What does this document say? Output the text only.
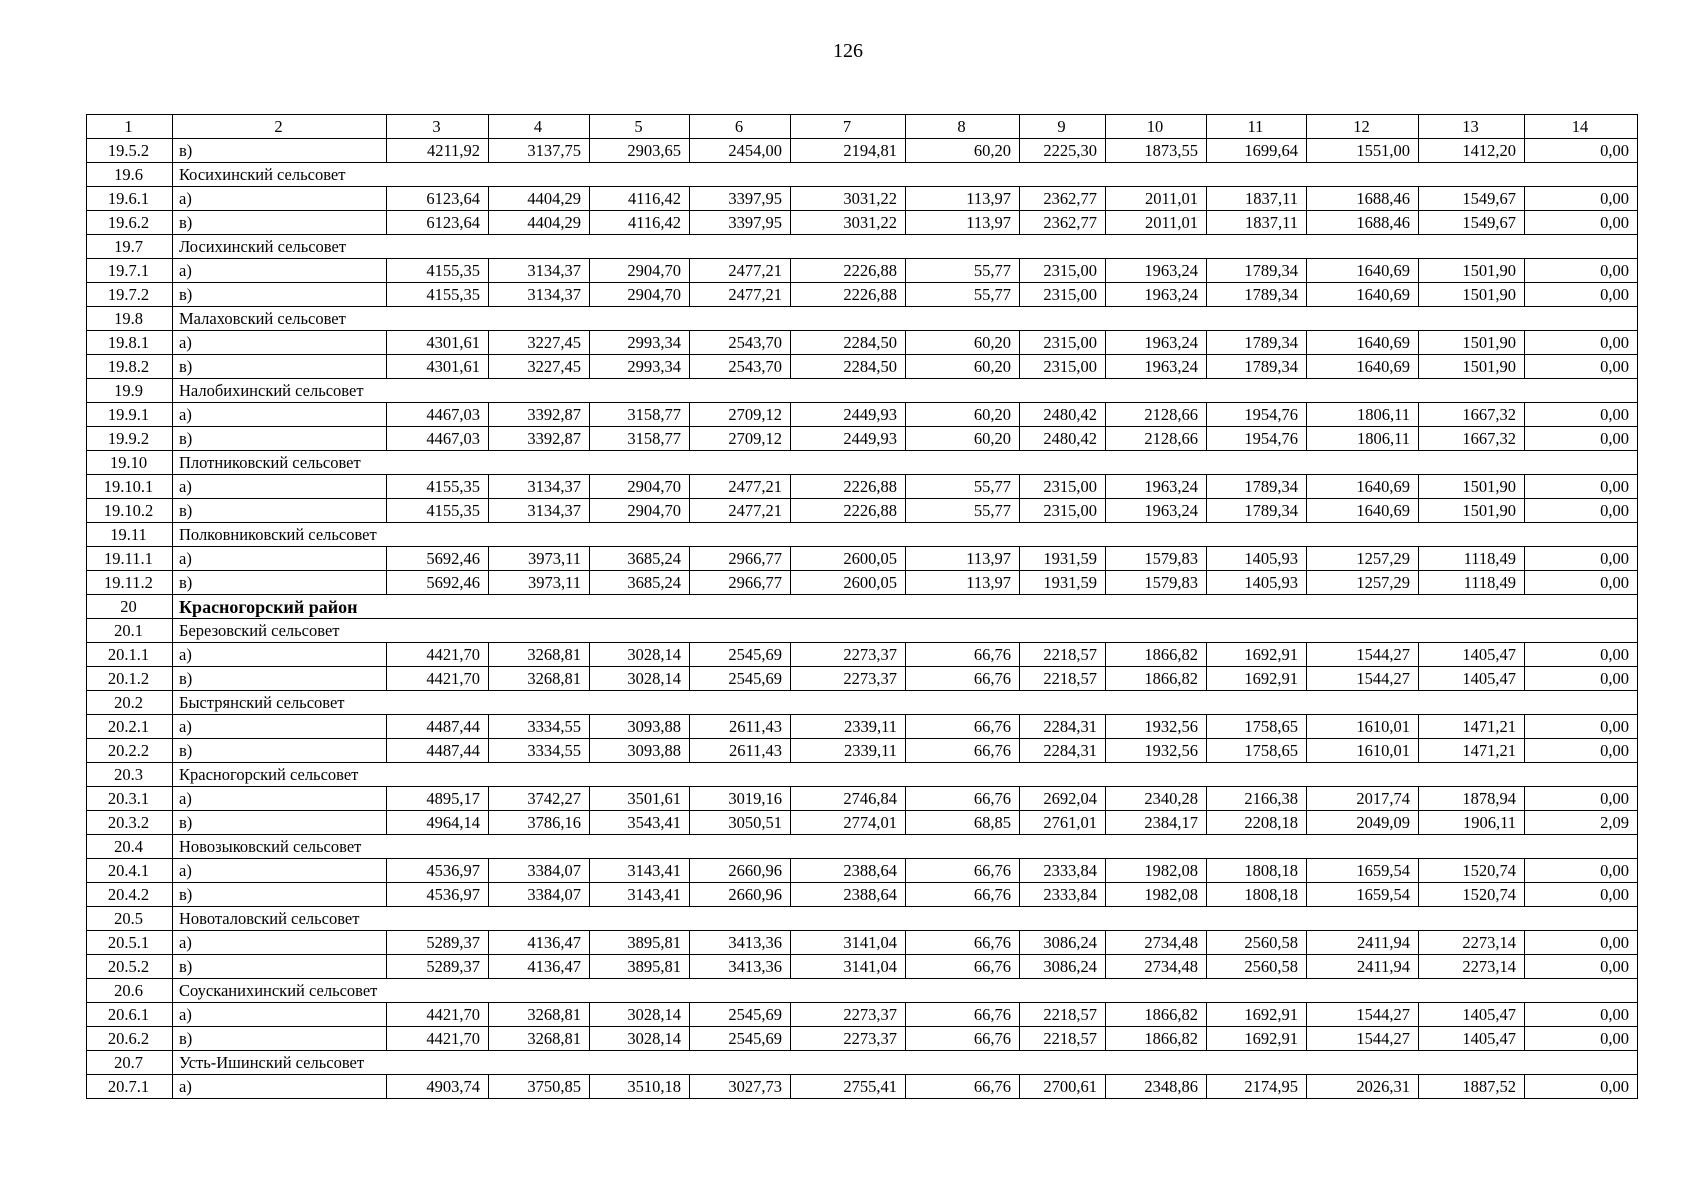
126
1	2	3	4	5	6	7	8	9	10	11	12	13	14
19.5.2	в)	4211,92	3137,75	2903,65	2454,00	2194,81	60,20	2225,30	1873,55	1699,64	1551,00	1412,20	0,00
19.6	Косихинский сельсовет												
19.6.1	а)	6123,64	4404,29	4116,42	3397,95	3031,22	113,97	2362,77	2011,01	1837,11	1688,46	1549,67	0,00
19.6.2	в)	6123,64	4404,29	4116,42	3397,95	3031,22	113,97	2362,77	2011,01	1837,11	1688,46	1549,67	0,00
19.7	Лосихинский сельсовет												
19.7.1	а)	4155,35	3134,37	2904,70	2477,21	2226,88	55,77	2315,00	1963,24	1789,34	1640,69	1501,90	0,00
19.7.2	в)	4155,35	3134,37	2904,70	2477,21	2226,88	55,77	2315,00	1963,24	1789,34	1640,69	1501,90	0,00
19.8	Малаховский сельсовет												
19.8.1	а)	4301,61	3227,45	2993,34	2543,70	2284,50	60,20	2315,00	1963,24	1789,34	1640,69	1501,90	0,00
19.8.2	в)	4301,61	3227,45	2993,34	2543,70	2284,50	60,20	2315,00	1963,24	1789,34	1640,69	1501,90	0,00
19.9	Налобихинский сельсовет												
19.9.1	а)	4467,03	3392,87	3158,77	2709,12	2449,93	60,20	2480,42	2128,66	1954,76	1806,11	1667,32	0,00
19.9.2	в)	4467,03	3392,87	3158,77	2709,12	2449,93	60,20	2480,42	2128,66	1954,76	1806,11	1667,32	0,00
19.10	Плотниковский сельсовет												
19.10.1	а)	4155,35	3134,37	2904,70	2477,21	2226,88	55,77	2315,00	1963,24	1789,34	1640,69	1501,90	0,00
19.10.2	в)	4155,35	3134,37	2904,70	2477,21	2226,88	55,77	2315,00	1963,24	1789,34	1640,69	1501,90	0,00
19.11	Полковниковский сельсовет												
19.11.1	а)	5692,46	3973,11	3685,24	2966,77	2600,05	113,97	1931,59	1579,83	1405,93	1257,29	1118,49	0,00
19.11.2	в)	5692,46	3973,11	3685,24	2966,77	2600,05	113,97	1931,59	1579,83	1405,93	1257,29	1118,49	0,00
20	Красногорский район												
20.1	Березовский сельсовет												
20.1.1	а)	4421,70	3268,81	3028,14	2545,69	2273,37	66,76	2218,57	1866,82	1692,91	1544,27	1405,47	0,00
20.1.2	в)	4421,70	3268,81	3028,14	2545,69	2273,37	66,76	2218,57	1866,82	1692,91	1544,27	1405,47	0,00
20.2	Быстрянский сельсовет												
20.2.1	а)	4487,44	3334,55	3093,88	2611,43	2339,11	66,76	2284,31	1932,56	1758,65	1610,01	1471,21	0,00
20.2.2	в)	4487,44	3334,55	3093,88	2611,43	2339,11	66,76	2284,31	1932,56	1758,65	1610,01	1471,21	0,00
20.3	Красногорский сельсовет												
20.3.1	а)	4895,17	3742,27	3501,61	3019,16	2746,84	66,76	2692,04	2340,28	2166,38	2017,74	1878,94	0,00
20.3.2	в)	4964,14	3786,16	3543,41	3050,51	2774,01	68,85	2761,01	2384,17	2208,18	2049,09	1906,11	2,09
20.4	Новозыковский сельсовет												
20.4.1	а)	4536,97	3384,07	3143,41	2660,96	2388,64	66,76	2333,84	1982,08	1808,18	1659,54	1520,74	0,00
20.4.2	в)	4536,97	3384,07	3143,41	2660,96	2388,64	66,76	2333,84	1982,08	1808,18	1659,54	1520,74	0,00
20.5	Новоталовский сельсовет												
20.5.1	а)	5289,37	4136,47	3895,81	3413,36	3141,04	66,76	3086,24	2734,48	2560,58	2411,94	2273,14	0,00
20.5.2	в)	5289,37	4136,47	3895,81	3413,36	3141,04	66,76	3086,24	2734,48	2560,58	2411,94	2273,14	0,00
20.6	Соусканихинский сельсовет												
20.6.1	а)	4421,70	3268,81	3028,14	2545,69	2273,37	66,76	2218,57	1866,82	1692,91	1544,27	1405,47	0,00
20.6.2	в)	4421,70	3268,81	3028,14	2545,69	2273,37	66,76	2218,57	1866,82	1692,91	1544,27	1405,47	0,00
20.7	Усть-Ишинский сельсовет												
20.7.1	а)	4903,74	3750,85	3510,18	3027,73	2755,41	66,76	2700,61	2348,86	2174,95	2026,31	1887,52	0,00
